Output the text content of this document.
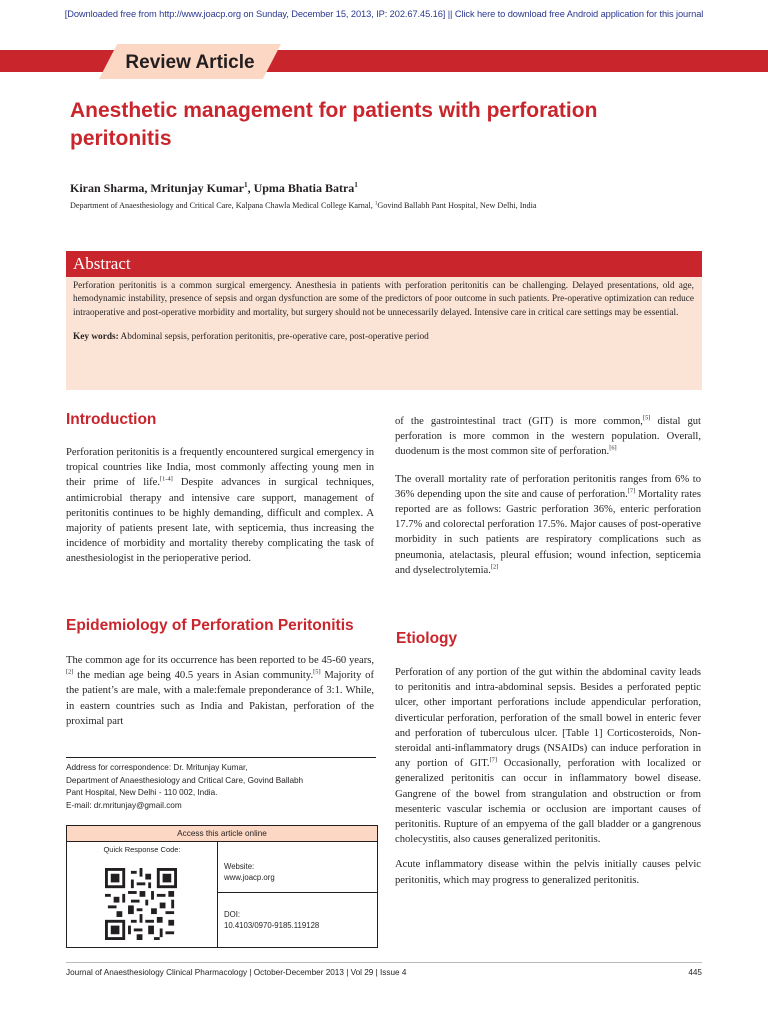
[Downloaded free from http://www.joacp.org on Sunday, December 15, 2013, IP: 202.67.45.16] || Click here to download free Android application for this journal
Review Article
Anesthetic management for patients with perforation peritonitis
Kiran Sharma, Mritunjay Kumar$^1$, Upma Bhatia Batra$^1$
Department of Anaesthesiology and Critical Care, Kalpana Chawla Medical College Karnal, $^1$Govind Ballabh Pant Hospital, New Delhi, India
Abstract
Perforation peritonitis is a common surgical emergency. Anesthesia in patients with perforation peritonitis can be challenging. Delayed presentations, old age, hemodynamic instability, presence of sepsis and organ dysfunction are some of the predictors of poor outcome in such patients. Pre-operative optimization can reduce intraoperative and post-operative morbidity and mortality, but surgery should not be unnecessarily delayed. Intensive care in critical care settings may be essential.
Key words: Abdominal sepsis, perforation peritonitis, pre-operative care, post-operative period
Introduction

Perforation peritonitis is a frequently encountered surgical emergency in tropical countries like India, most commonly affecting young men in their prime of life.[1-4] Despite advances in surgical techniques, antimicrobial therapy and intensive care support, management of peritonitis continues to be highly demanding, difficult and complex. A majority of patients present late, with septicemia, thus increasing the incidence of morbidity and mortality thereby complicating the task of anesthesiologist in the perioperative period.

Epidemiology of Perforation Peritonitis

The common age for its occurrence has been reported to be 45-60 years,[2] the median age being 40.5 years in Asian community.[5] Majority of the patient’s are male, with a male:female preponderance of 3:1. While, in eastern countries such as India and Pakistan, perforation of the proximal part

Address for correspondence: Dr. Mritunjay Kumar,
Department of Anaesthesiology and Critical Care, Govind Ballabh
Pant Hospital, New Delhi - 110 002, India.
E-mail: dr.mritunjay@gmail.com
Access this article online
Quick Response Code:
Website:
www.joacp.org
DOI:
10.4103/0970-9185.119128

of the gastrointestinal tract (GIT) is more common,[5] distal gut perforation is more common in the western population. Overall, duodenum is the most common site of perforation.[6]

The overall mortality rate of perforation peritonitis ranges from 6% to 36% depending upon the site and cause of perforation.[7] Mortality rates reported are as follows: Gastric perforation 36%, enteric perforation 17.7% and colorectal perforation 17.5%. Major causes of post-operative morbidity in such patients are respiratory complications such as pneumonia, atelactasis, pleural effusion; wound infection, septicemia and dyselectrolytemia.[2]

Etiology

Perforation of any portion of the gut within the abdominal cavity leads to peritonitis and intra-abdominal sepsis. Besides a perforated peptic ulcer, other important perforations include appendicular perforation, diverticular perforation, perforation of the small bowel in enteric fever and perforation of tuberculous ulcer. [Table 1] Corticosteroids, Non-steroidal anti-inflammatory drugs (NSAIDs) can induce perforation in any portion of GIT.[7] Occasionally, perforation with localized or generalized peritonitis can occur in inflammatory bowel disease. Gangrene of the bowel from strangulation and obstruction or from mesenteric vascular ischemia or occlusion are important causes of peritonitis. Rupture of an empyema of the gall bladder or a gangrenous cholecystitis, also causes generalized peritonitis.

Acute inflammatory disease within the pelvis initially causes pelvic peritonitis, which may progress to generalized peritonitis.

Journal of Anaesthesiology Clinical Pharmacology | October-December 2013 | Vol 29 | Issue 4	445
